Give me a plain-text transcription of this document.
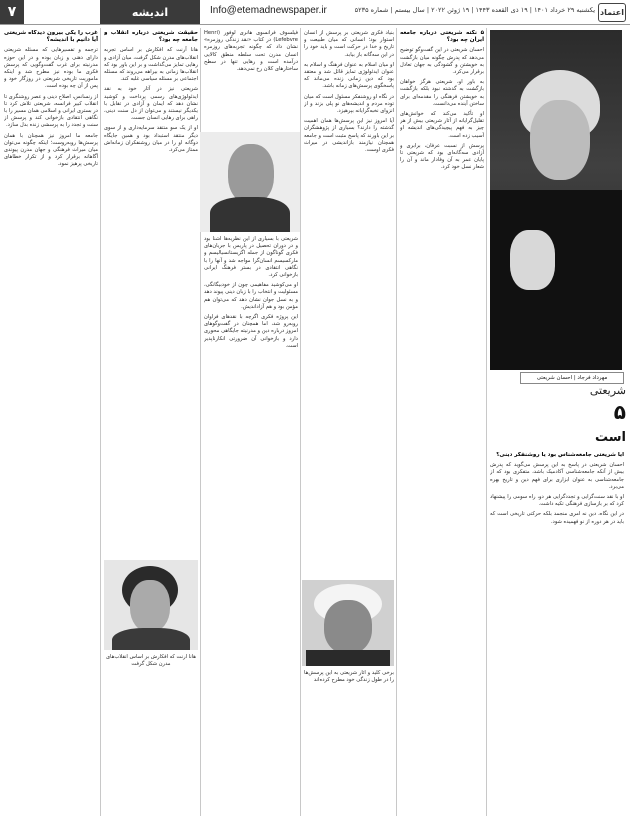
۷	اندیشه	Info@etemadnewspaper.ir	یکشنبه ۲۹ خرداد ۱۴۰۱ | ۱۹ ذی القعده ۱۴۴۳ | ۱۹ ژوئن ۲۰۲۲ | سال بیستم | شماره ۵۲۳۵ اعتماد

غرب را یکی بیرون دیدگاه شریعتی آیا دانیم با اندیشه؟

ترجمه و تفسیرهایی که مسئله شریعتی دارای ذهنی و زبان بوده و در این حوزه مدرنیته برای غرب گفت‌وگویی که پرسش فکری ما بوده نیز مطرح شد و اینکه ماموریت تاریخی شریعتی در روزگار خود و پس از آن چه بوده است.

از رنسانس، اصلاح دینی و عصر روشنگری تا انقلاب کبیر فرانسه، شریعتی تلاش کرد تا در بستری ایرانی و اسلامی همان مسیر را با نگاهی انتقادی بازخوانی کند و پرسش از سنت و تجدد را به پرسشی زنده بدل سازد.

جامعه ما امروز نیز همچنان با همان پرسش‌ها روبه‌روست؛ اینکه چگونه می‌توان میان میراث فرهنگی و جهان مدرن پیوندی آگاهانه برقرار کرد و از تکرار خطاهای تاریخی پرهیز نمود.

حقیقت شریعتی درباره انقلاب و جامعه چه بود؟

هانا آرنت که افکارش بر اساس تجربه انقلاب‌های مدرن شکل گرفت، میان آزادی و رهایی تمایز می‌گذاشت و بر این باور بود که انقلاب‌ها زمانی به بیراهه می‌روند که مسئله اجتماعی بر مسئله سیاسی غلبه کند.

شریعتی نیز در آثار خود به نقد ایدئولوژی‌های رسمی پرداخت و کوشید نشان دهد که ایمان و آزادی در تقابل با یکدیگر نیستند و می‌توان از دل سنت دینی، راهی برای رهایی انسان جست.

او از یک سو منتقد سرمایه‌داری و از سوی دیگر منتقد استبداد بود و همین جایگاه دوگانه او را در میان روشنفکران زمانه‌اش ممتاز می‌کرد.

هانا آرنت که افکارش بر اساس انقلاب‌های مدرن شکل گرفت

فیلسوف فرانسوی هانری لوفور (Henri Lefebvre) در کتاب «نقد زندگی روزمره» نشان داد که چگونه تجربه‌های روزمره انسان مدرن تحت سلطه منطق کالایی درآمده است و رهایی تنها در سطح ساختارهای کلان رخ نمی‌دهد.

شریعتی با بسیاری از این نظریه‌ها آشنا بود و در دوران تحصیل در پاریس با جریان‌های فکری گوناگون از جمله اگزیستانسیالیسم و مارکسیسم انسان‌گرا مواجه شد و آنها را با نگاهی انتقادی در بستر فرهنگ ایرانی بازخوانی کرد.

او می‌کوشید مفاهیمی چون از خودبیگانگی، مسئولیت و انتخاب را با زبان دینی پیوند دهد و به نسل جوان نشان دهد که می‌توان هم مؤمن بود و هم آزاداندیش.

این پروژه فکری اگرچه با نقدهای فراوان روبه‌رو شد، اما همچنان در گفت‌وگوهای امروز درباره دین و مدرنیته جایگاهی محوری دارد و بازخوانی آن ضرورتی انکارناپذیر است.

بنیاد فکری شریعتی بر پرسش از انسان استوار بود؛ انسانی که میان طبیعت و تاریخ و خدا در حرکت است و باید خود را در این سه‌گانه باز بیابد.

او میان اسلام به عنوان فرهنگ و اسلام به عنوان ایدئولوژی تمایز قائل شد و معتقد بود که دین زمانی زنده می‌ماند که پاسخگوی پرسش‌های زمانه باشد.

در نگاه او روشنفکر مسئول است که میان توده مردم و اندیشه‌های نو پلی بزند و از انزوای نخبه‌گرایانه بپرهیزد.

آیا امروز نیز این پرسش‌ها همان اهمیت گذشته را دارند؟ بسیاری از پژوهشگران بر این باورند که پاسخ مثبت است و جامعه همچنان نیازمند بازاندیشی در میراث فکری اوست.

برخی کلید و آثار شریعتی به این پرسش‌ها را در طول زندگی خود مطرح کرده‌اند

۵ نکته شریعتی درباره جامعه ایران چه بود؟

احسان شریعتی در این گفت‌وگو توضیح می‌دهد که پدرش چگونه میان بازگشت به خویشتن و گشودگی به جهان تعادل برقرار می‌کرد.

به باور او، شریعتی هرگز خواهان بازگشت به گذشته نبود بلکه بازگشت به خویشتن فرهنگی را مقدمه‌ای برای ساختن آینده می‌دانست.

او تأکید می‌کند که خوانش‌های تقلیل‌گرایانه از آثار شریعتی بیش از هر چیز به فهم پیچیدگی‌های اندیشه او آسیب زده است.

پرسش از نسبت عرفان، برابری و آزادی سه‌گانه‌ای بود که شریعتی تا پایان عمر به آن وفادار ماند و آن را شعار نسل خود کرد.

مهرداد فرجاد | احسان شریعتی
شریعتی
۵
است

آیا شریعتی جامعه‌شناس بود یا روشنفکر دینی؟

احسان شریعتی در پاسخ به این پرسش می‌گوید که پدرش بیش از آنکه جامعه‌شناسی آکادمیک باشد، متفکری بود که از جامعه‌شناسی به عنوان ابزاری برای فهم دین و تاریخ بهره می‌برد.

او با نقد سنت‌گرایی و تجددگرایی هر دو، راه سومی را پیشنهاد کرد که بر بازسازی فرهنگی تکیه داشت.

در این نگاه، دین نه امری منجمد بلکه حرکتی تاریخی است که باید در هر دوره از نو فهمیده شود.
